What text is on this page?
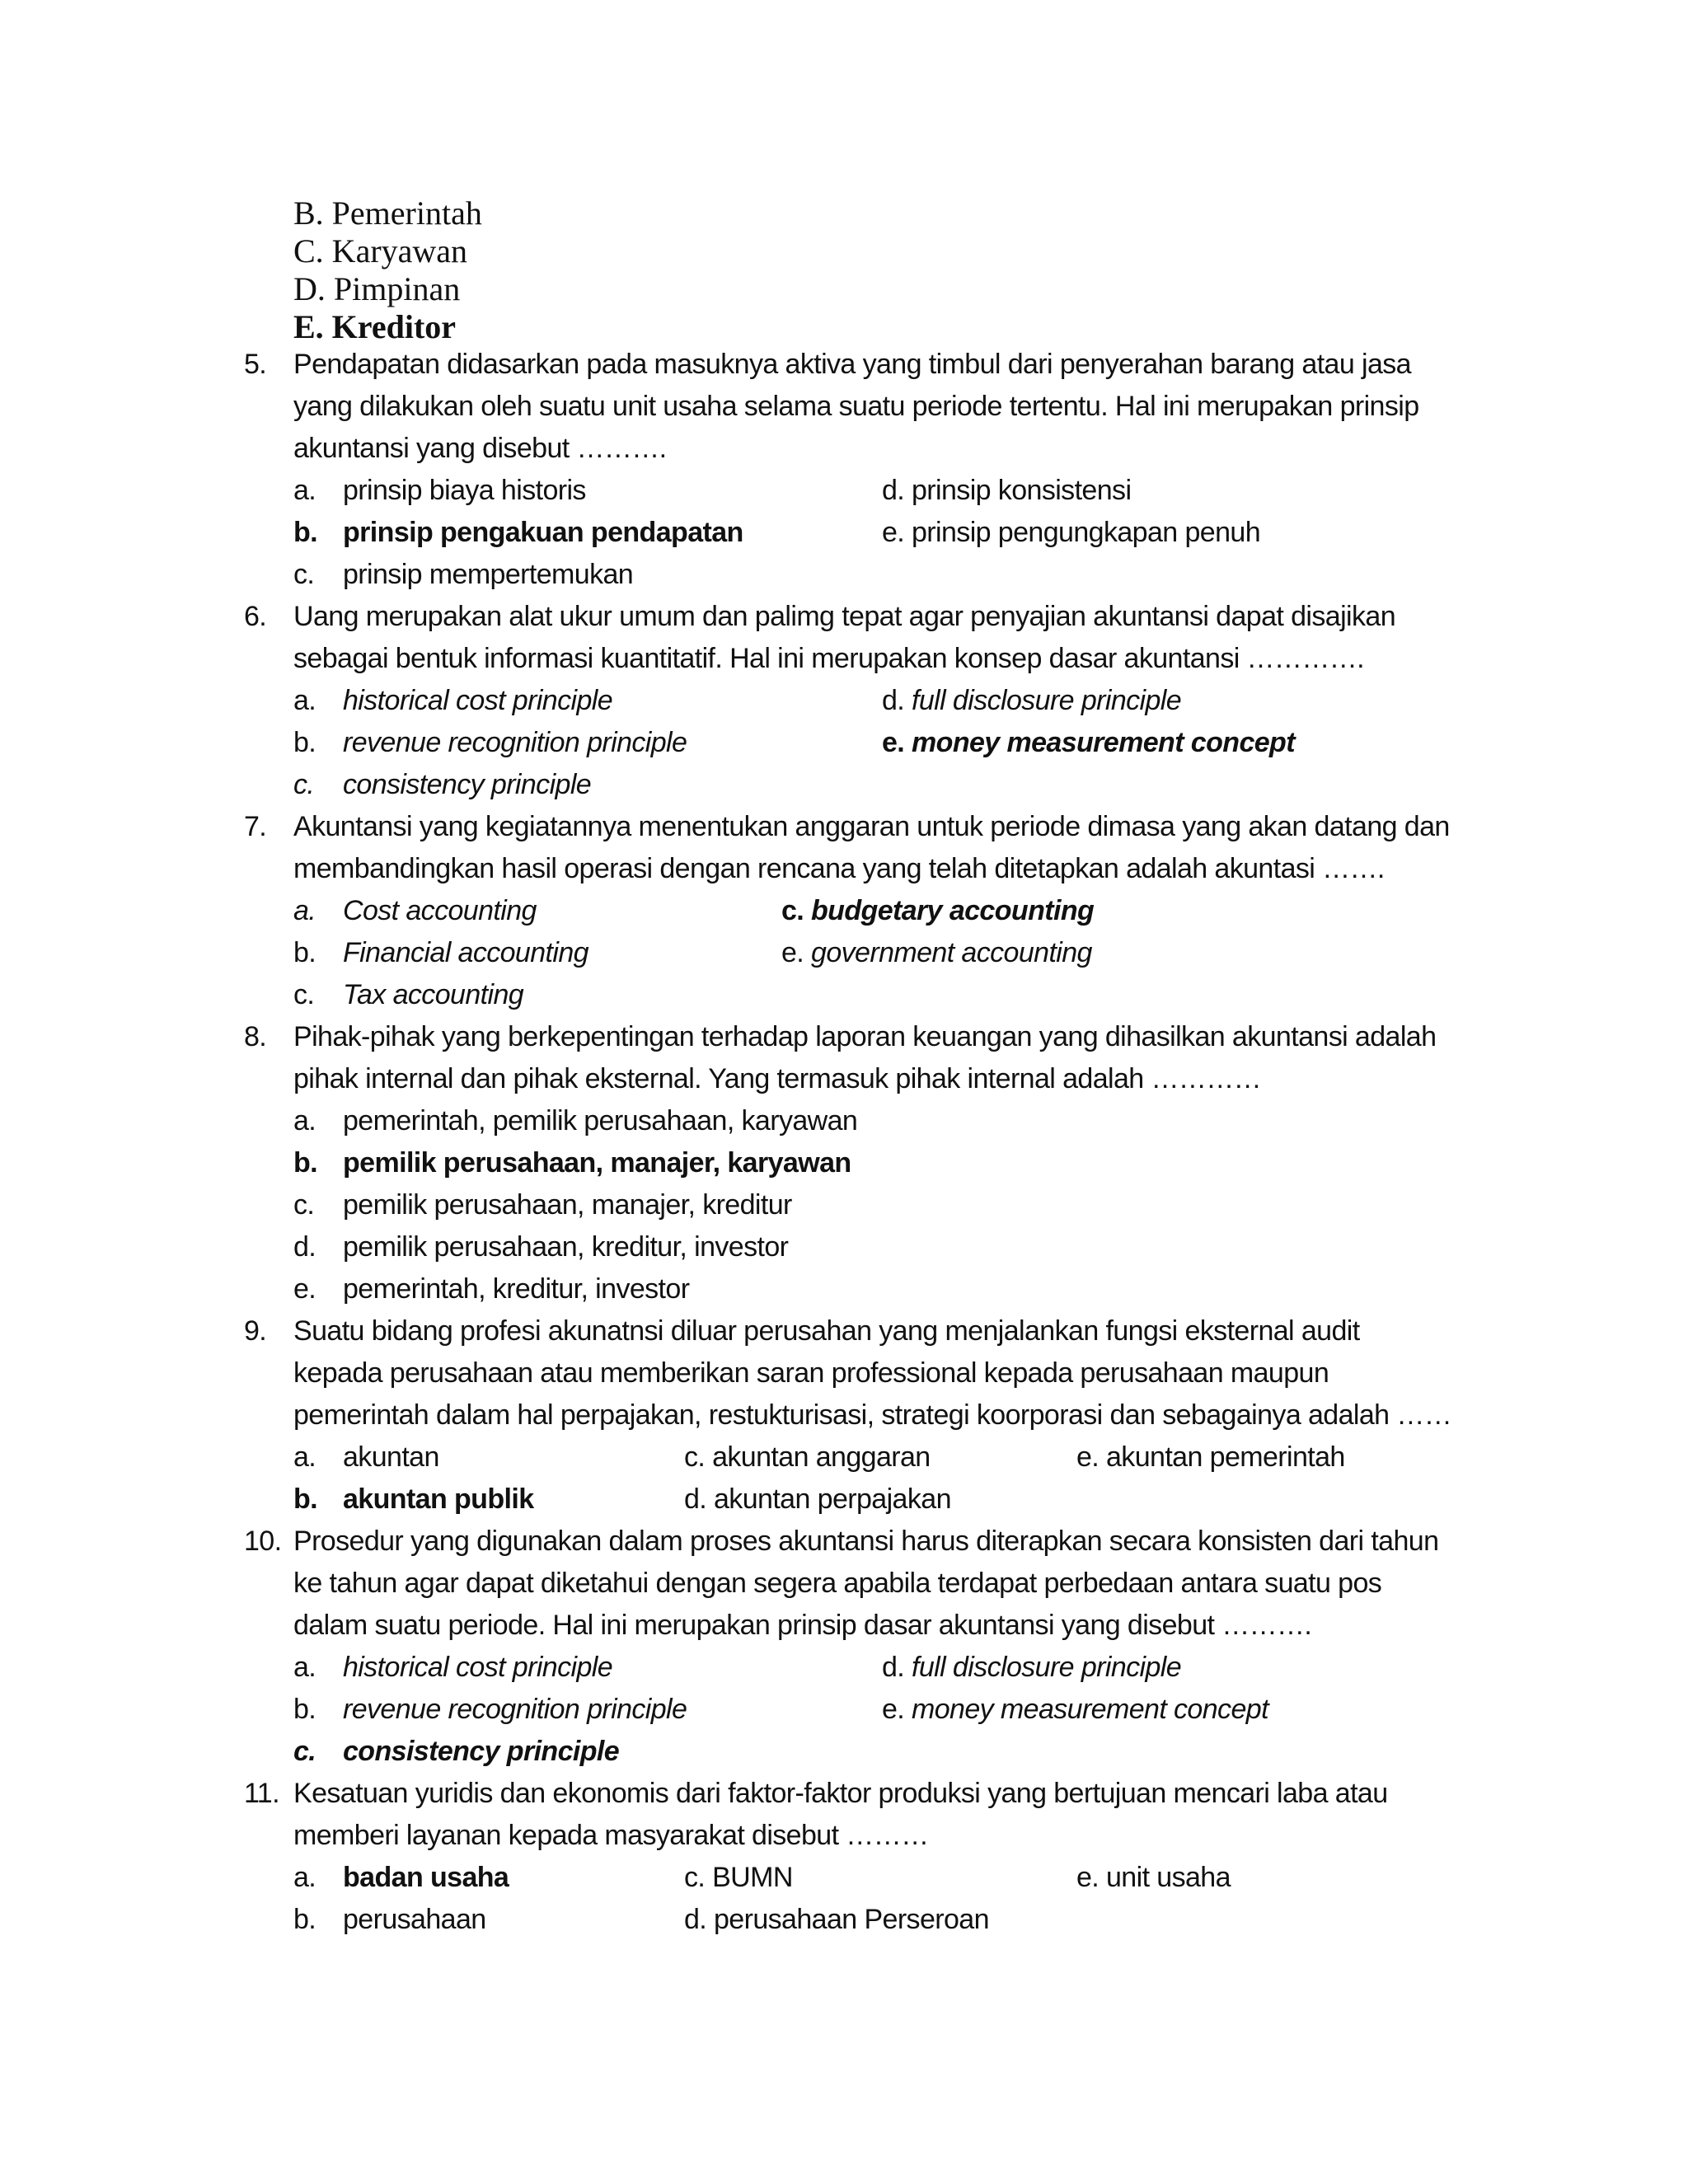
B. Pemerintah
C. Karyawan
D. Pimpinan
E. Kreditor
5. Pendapatan didasarkan pada masuknya aktiva yang timbul dari penyerahan barang atau jasa
yang dilakukan oleh suatu unit usaha selama suatu periode tertentu. Hal ini merupakan prinsip
akuntansi yang disebut ……….
a. prinsip biaya historis	d. prinsip konsistensi
b. prinsip pengakuan pendapatan	e. prinsip pengungkapan penuh
c. prinsip mempertemukan
6. Uang merupakan alat ukur umum dan palimg tepat agar penyajian akuntansi dapat disajikan
sebagai bentuk informasi kuantitatif. Hal ini merupakan konsep dasar akuntansi ………….
a. historical cost principle	d. full disclosure principle
b. revenue recognition principle	e. money measurement concept
c. consistency principle
7. Akuntansi yang kegiatannya menentukan anggaran untuk periode dimasa yang akan datang dan
membandingkan hasil operasi dengan rencana yang telah ditetapkan adalah akuntasi …….
a. Cost accounting	c. budgetary accounting
b. Financial accounting	e. government accounting
c. Tax accounting
8. Pihak-pihak yang berkepentingan terhadap laporan keuangan yang dihasilkan akuntansi adalah
pihak internal dan pihak eksternal. Yang termasuk pihak internal adalah …………
a. pemerintah, pemilik perusahaan, karyawan
b. pemilik perusahaan, manajer, karyawan
c. pemilik perusahaan, manajer, kreditur
d. pemilik perusahaan, kreditur, investor
e. pemerintah, kreditur, investor
9. Suatu bidang profesi akunatnsi diluar perusahan yang menjalankan fungsi eksternal audit
kepada perusahaan atau memberikan saran professional kepada perusahaan maupun
pemerintah dalam hal perpajakan, restukturisasi, strategi koorporasi dan sebagainya adalah ……
a. akuntan	c. akuntan anggaran	e. akuntan pemerintah
b. akuntan publik	d. akuntan perpajakan
10. Prosedur yang digunakan dalam proses akuntansi harus diterapkan secara konsisten dari tahun
ke tahun agar dapat diketahui dengan segera apabila terdapat perbedaan antara suatu pos
dalam suatu periode. Hal ini merupakan prinsip dasar akuntansi yang disebut ……….
a. historical cost principle	d. full disclosure principle
b. revenue recognition principle	e. money measurement concept
c. consistency principle
11. Kesatuan yuridis dan ekonomis dari faktor-faktor produksi yang bertujuan mencari laba atau
memberi layanan kepada masyarakat disebut ………
a. badan usaha	c. BUMN	e. unit usaha
b. perusahaan	d. perusahaan Perseroan
